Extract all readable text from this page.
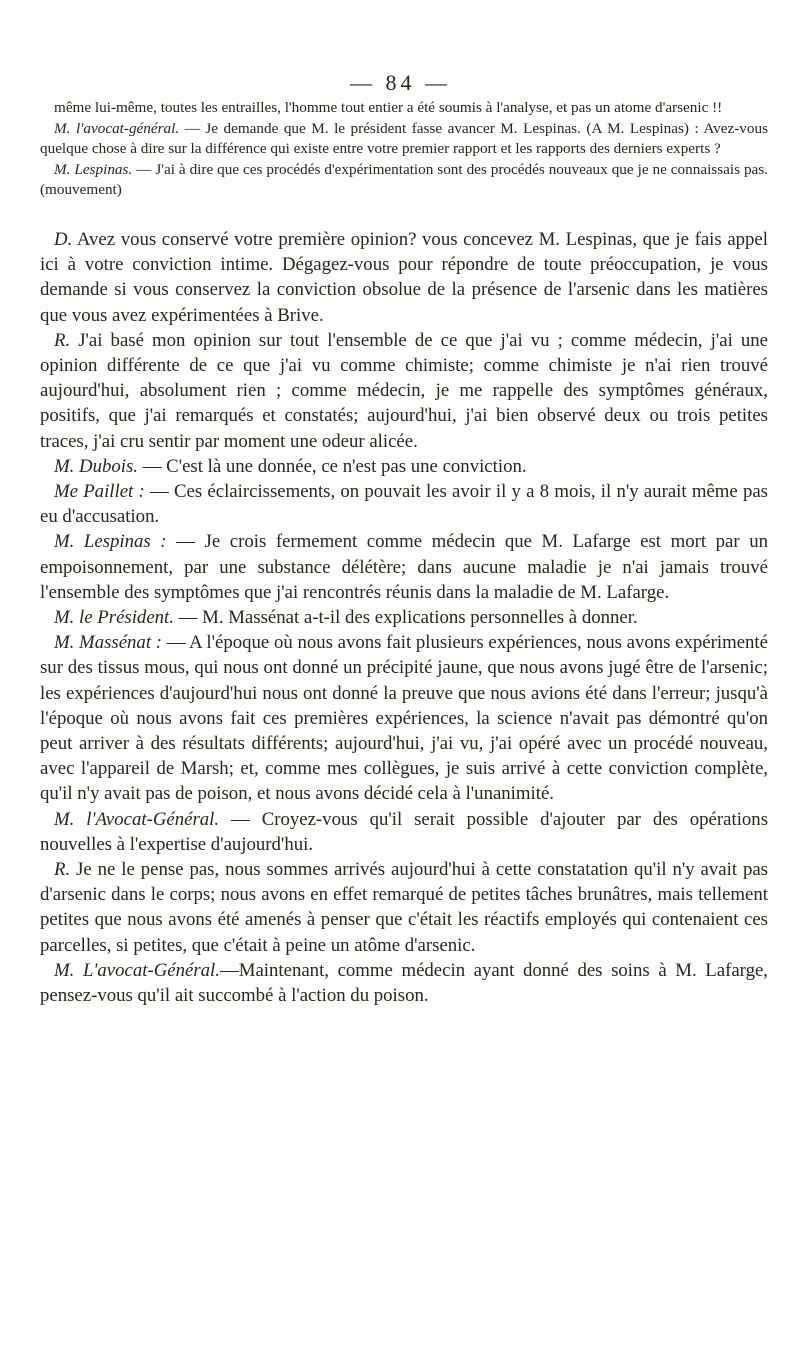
— 84 —

même lui-même, toutes les entrailles, l'homme tout entier a été soumis à l'analyse, et pas un atome d'arsenic !!

M. l'avocat-général. — Je demande que M. le président fasse avancer M. Lespinas. (A M. Lespinas) : Avez-vous quelque chose à dire sur la différence qui existe entre votre premier rapport et les rapports des derniers experts ?

M. Lespinas. — J'ai à dire que ces procédés d'expérimentation sont des procédés nouveaux que je ne connaissais pas. (mouvement)

D. Avez vous conservé votre première opinion? vous concevez M. Lespinas, que je fais appel ici à votre conviction intime. Dégagez-vous pour répondre de toute préoccupation, je vous demande si vous conservez la conviction obsolue de la présence de l'arsenic dans les matières que vous avez expérimentées à Brive.

R. J'ai basé mon opinion sur tout l'ensemble de ce que j'ai vu ; comme médecin, j'ai une opinion différente de ce que j'ai vu comme chimiste; comme chimiste je n'ai rien trouvé aujourd'hui, absolument rien ; comme médecin, je me rappelle des symptômes généraux, positifs, que j'ai remarqués et constatés; aujourd'hui, j'ai bien observé deux ou trois petites traces, j'ai cru sentir par moment une odeur alicée.

M. Dubois. — C'est là une donnée, ce n'est pas une conviction.

Me Paillet : — Ces éclaircissements, on pouvait les avoir il y a 8 mois, il n'y aurait même pas eu d'accusation.

M. Lespinas : — Je crois fermement comme médecin que M. Lafarge est mort par un empoisonnement, par une substance délétère; dans aucune maladie je n'ai jamais trouvé l'ensemble des symptômes que j'ai rencontrés réunis dans la maladie de M. Lafarge.

M. le Président. — M. Massénat a-t-il des explications personnelles à donner.

M. Massénat : — A l'époque où nous avons fait plusieurs expériences, nous avons expérimenté sur des tissus mous, qui nous ont donné un précipité jaune, que nous avons jugé être de l'arsenic; les expériences d'aujourd'hui nous ont donné la preuve que nous avions été dans l'erreur; jusqu'à l'époque où nous avons fait ces premières expériences, la science n'avait pas démontré qu'on peut arriver à des résultats différents; aujourd'hui, j'ai vu, j'ai opéré avec un procédé nouveau, avec l'appareil de Marsh; et, comme mes collègues, je suis arrivé à cette conviction complète, qu'il n'y avait pas de poison, et nous avons décidé cela à l'unanimité.

M. l'Avocat-Général. — Croyez-vous qu'il serait possible d'ajouter par des opérations nouvelles à l'expertise d'aujourd'hui.

R. Je ne le pense pas, nous sommes arrivés aujourd'hui à cette constatation qu'il n'y avait pas d'arsenic dans le corps; nous avons en effet remarqué de petites tâches brunâtres, mais tellement petites que nous avons été amenés à penser que c'était les réactifs employés qui contenaient ces parcelles, si petites, que c'était à peine un atôme d'arsenic.

M. L'avocat-Général.—Maintenant, comme médecin ayant donné des soins à M. Lafarge, pensez-vous qu'il ait succombé à l'action du poison.
